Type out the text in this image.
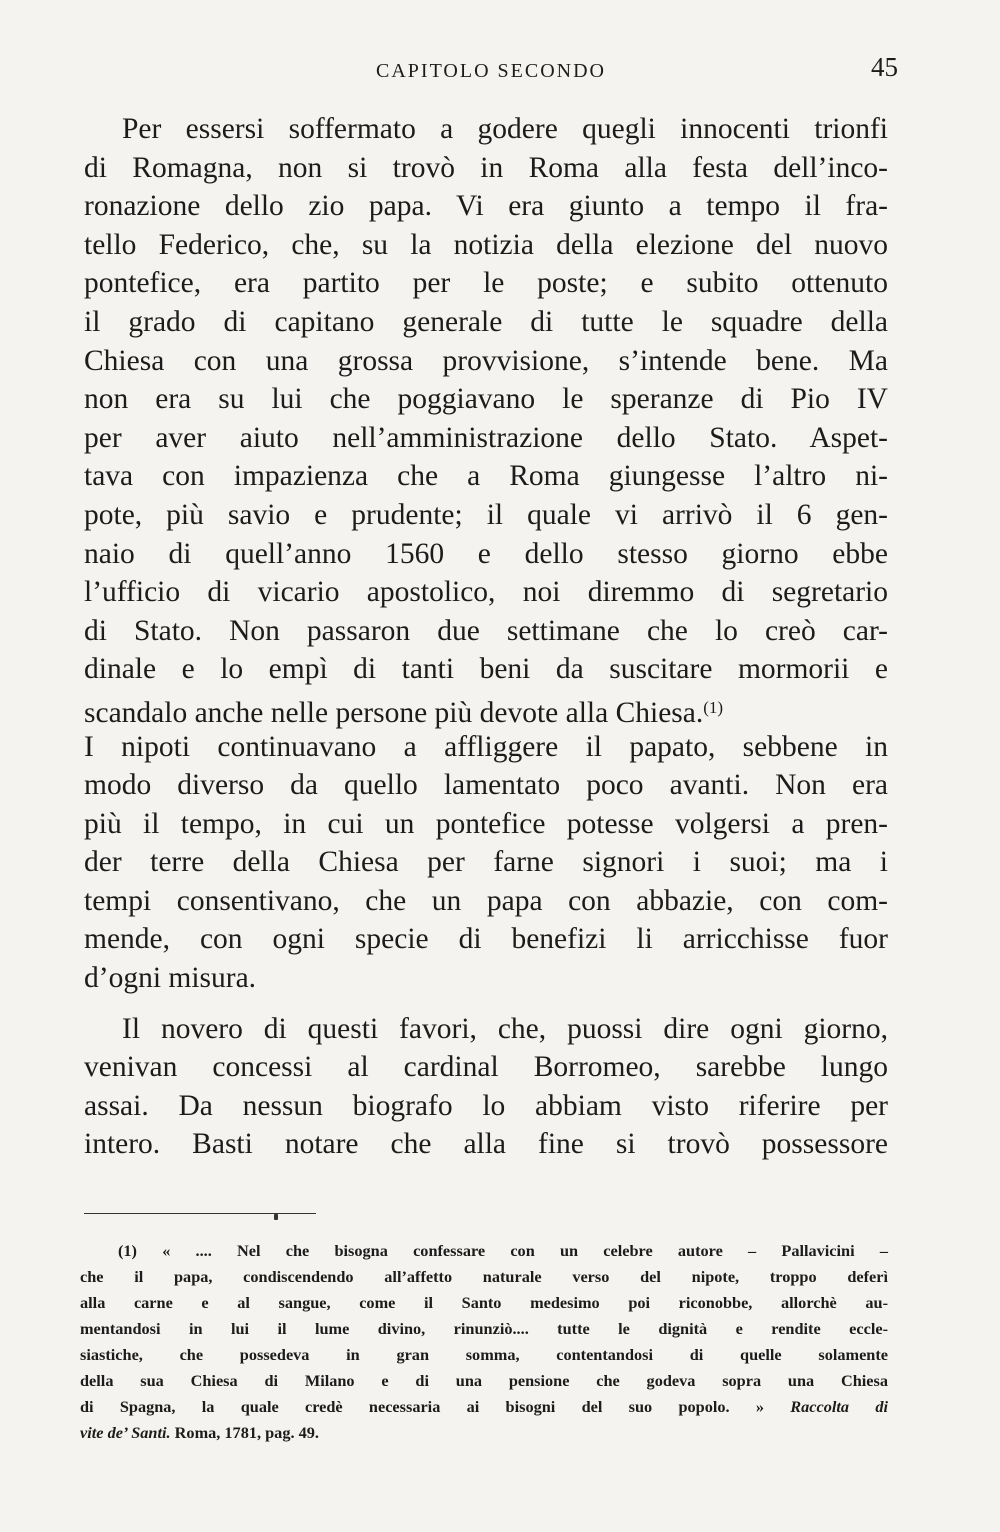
CAPITOLO SECONDO	45
Per essersi soffermato a godere quegli innocenti trionfi
di Romagna, non si trovò in Roma alla festa dell’inco-
ronazione dello zio papa. Vi era giunto a tempo il fra-
tello Federico, che, su la notizia della elezione del nuovo
pontefice, era partito per le poste; e subito ottenuto
il grado di capitano generale di tutte le squadre della
Chiesa con una grossa provvisione, s’intende bene. Ma
non era su lui che poggiavano le speranze di Pio IV
per aver aiuto nell’amministrazione dello Stato. Aspet-
tava con impazienza che a Roma giungesse l’altro ni-
pote, più savio e prudente; il quale vi arrivò il 6 gen-
naio di quell’anno 1560 e dello stesso giorno ebbe
l’ufficio di vicario apostolico, noi diremmo di segretario
di Stato. Non passaron due settimane che lo creò car-
dinale e lo empì di tanti beni da suscitare mormorii e
scandalo anche nelle persone più devote alla Chiesa.$^{(1)}$
I nipoti continuavano a affliggere il papato, sebbene in
modo diverso da quello lamentato poco avanti. Non era
più il tempo, in cui un pontefice potesse volgersi a pren-
der terre della Chiesa per farne signori i suoi; ma i
tempi consentivano, che un papa con abbazie, con com-
mende, con ogni specie di benefizi li arricchisse fuor
d’ogni misura.
Il novero di questi favori, che, puossi dire ogni giorno,
venivan concessi al cardinal Borromeo, sarebbe lungo
assai. Da nessun biografo lo abbiam visto riferire per
intero. Basti notare che alla fine si trovò possessore
(1) « .... Nel che bisogna confessare con un celebre autore – Pallavicini –
che il papa, condiscendendo all’affetto naturale verso del nipote, troppo deferì
alla carne e al sangue, come il Santo medesimo poi riconobbe, allorchè au-
mentandosi in lui il lume divino, rinunziò.... tutte le dignità e rendite eccle-
siastiche, che possedeva in gran somma, contentandosi di quelle solamente
della sua Chiesa di Milano e di una pensione che godeva sopra una Chiesa
di Spagna, la quale credè necessaria ai bisogni del suo popolo. » Raccolta di
vite de’ Santi. Roma, 1781, pag. 49.
